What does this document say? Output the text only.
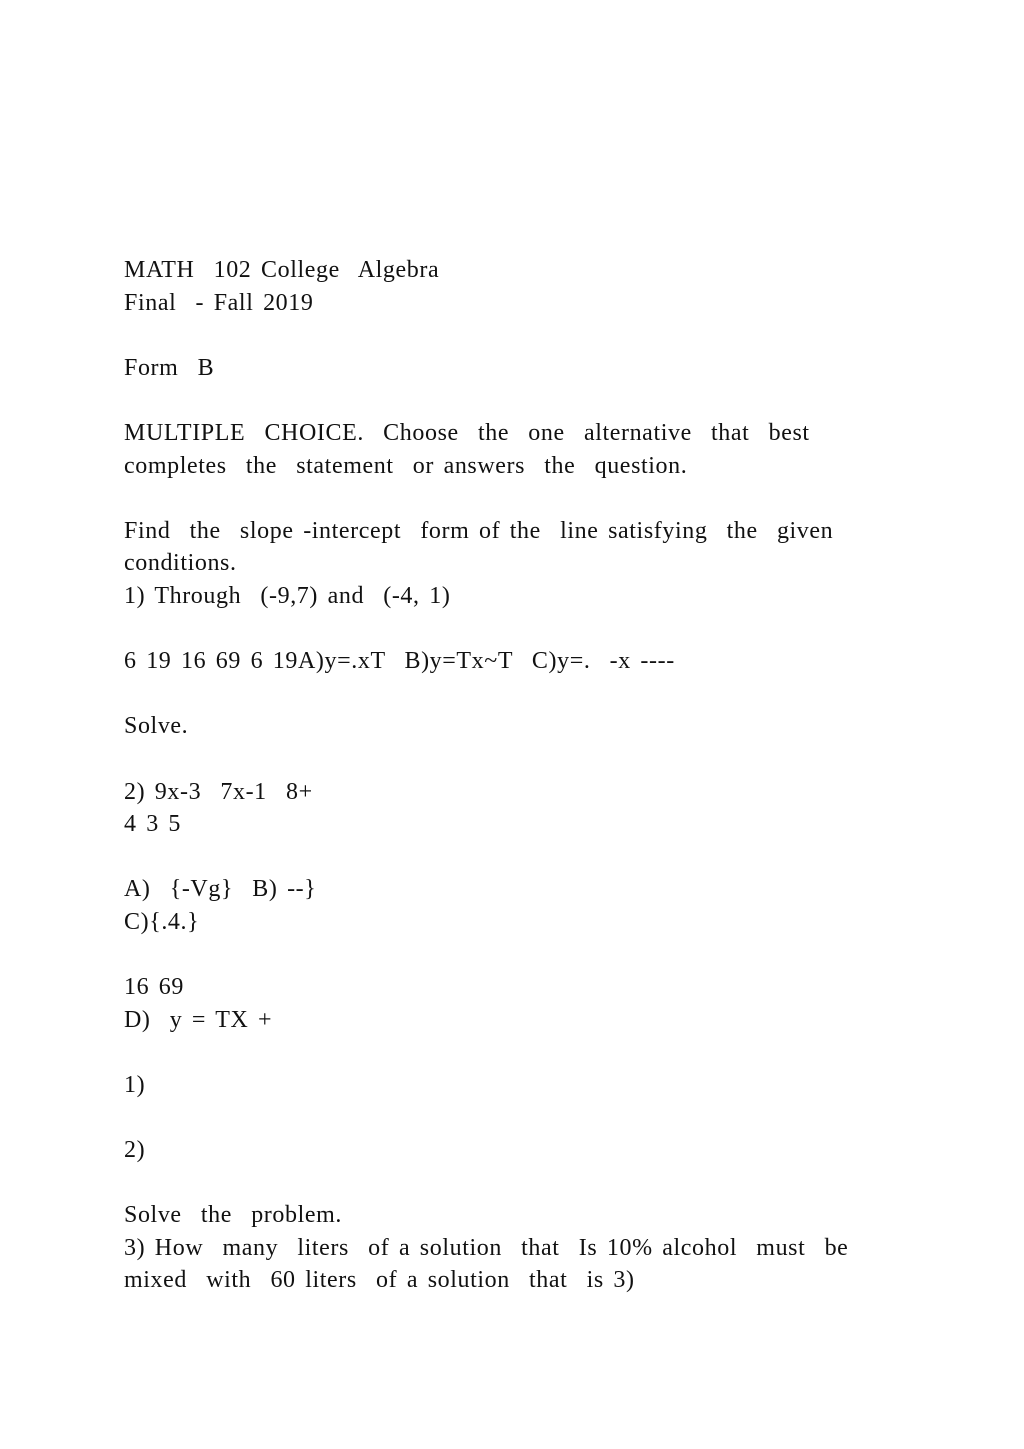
MATH  102 College  Algebra
Final  - Fall 2019
Form  B
MULTIPLE  CHOICE.  Choose  the  one  alternative  that  best
completes  the  statement  or answers  the  question.
Find  the  slope -intercept  form of the  line satisfying  the  given
conditions.
1) Through  (-9,7) and  (-4, 1)
6 19 16 69 6 19A)y=.xT  B)y=Tx~T  C)y=.  -x ----
Solve.
2) 9x-3  7x-1  8+
4 3 5
A)  {-Vg}  B) --}
C){.4.}
16 69
D)  y = TX +
1)
2)
Solve  the  problem.
3) How  many  liters  of a solution  that  Is 10% alcohol  must  be
mixed  with  60 liters  of a solution  that  is 3)
